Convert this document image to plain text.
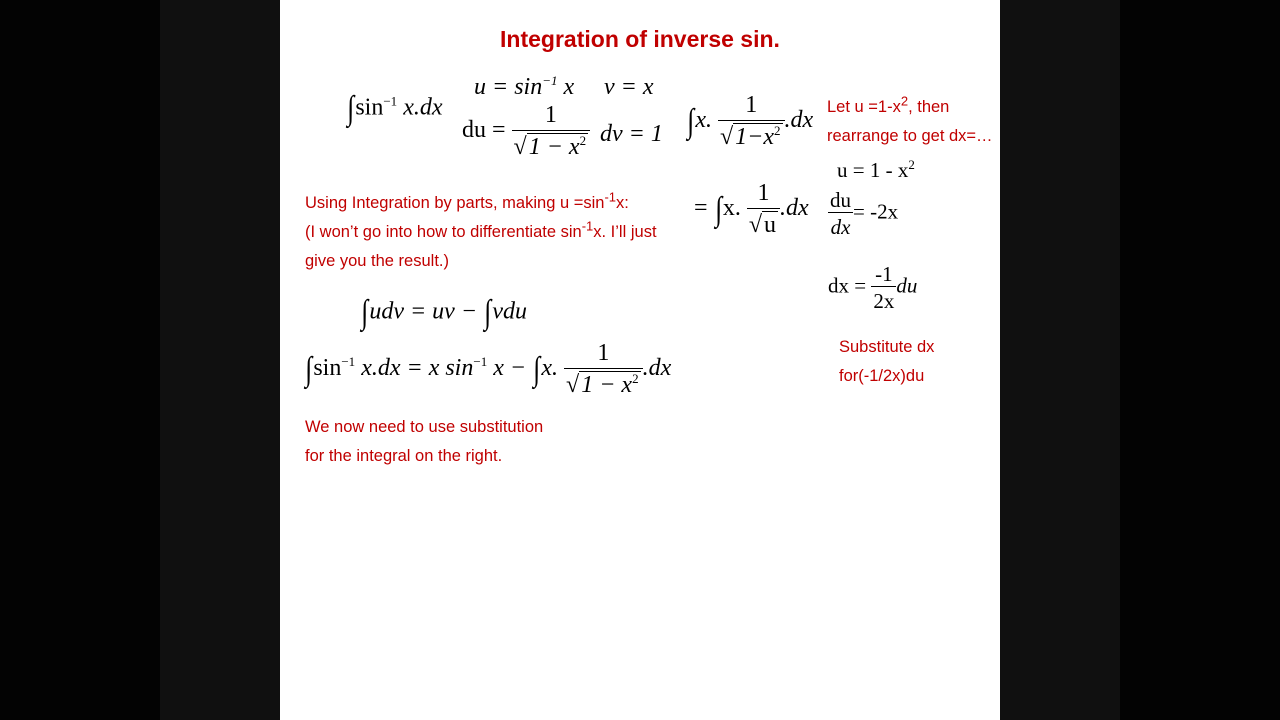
Integration of inverse sin.
$\int\sin^{-1}$ x.dx
$u = \sin^{-1} x$ v = x
du = $\frac{1}{√1 - x^2}$ dv = 1
Using Integration by parts, making $u =\sin^{-1}x$:
(I won’t go into how to differentiate $\sin^{-1}x$. I’ll just
give you the result.)
∫udv = uv − ∫vdu
$\int\sin^{-1}$ x.dx = x $\sin^{-1} x - \int x$. $\frac{1}{√1 - x^2} .dx$
We now need to use substitution
for the integral on the right.
∫x. $\frac{1}{√1-x^2} .dx$
= ∫x. $\frac{1}{√u} .dx$
Let $u =1-x^2$, then
rearrange to get dx=…
$u = 1 - x^2$
$\frac{du}{dx} = -2x$
dx = $\frac{-1}{2x}$ du
Substitute dx
for(-1/2x)du
